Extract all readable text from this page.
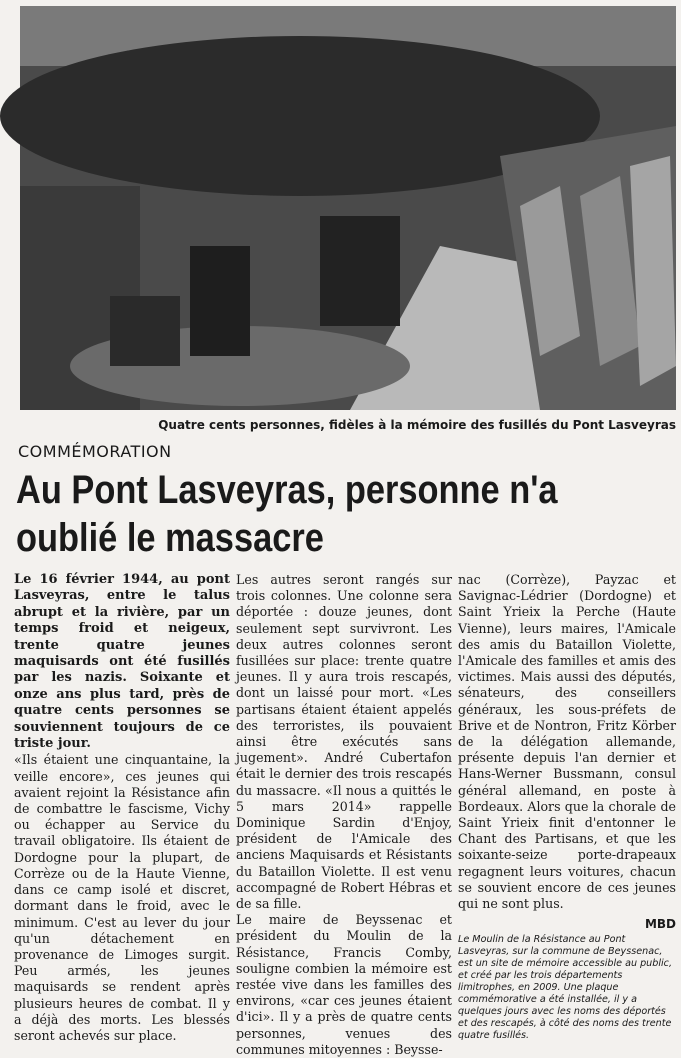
Quatre cents personnes, fidèles à la mémoire des fusillés du Pont Lasveyras
COMMÉMORATION
Au Pont Lasveyras, personne n'a oublié le massacre

Le 16 février 1944, au pont Lasveyras, entre le talus abrupt et la rivière, par un temps froid et neigeux, trente quatre jeunes maquisards ont été fusillés par les nazis. Soixante et onze ans plus tard, près de quatre cents personnes se souviennent toujours de ce triste jour.

«Ils étaient une cinquantaine, la veille encore», ces jeunes qui avaient rejoint la Résistance afin de combattre le fascisme, Vichy ou échapper au Service du travail obligatoire. Ils étaient de Dordogne pour la plupart, de Corrèze ou de la Haute Vienne, dans ce camp isolé et discret, dormant dans le froid, avec le minimum. C'est au lever du jour qu'un détachement en provenance de Limoges surgit. Peu armés, les jeunes maquisards se rendent après plusieurs heures de combat. Il y a déjà des morts. Les blessés seront achevés sur place.

Les autres seront rangés sur trois colonnes. Une colonne sera déportée : douze jeunes, dont seulement sept survivront. Les deux autres colonnes seront fusillées sur place: trente quatre jeunes. Il y aura trois rescapés, dont un laissé pour mort. «Les partisans étaient étaient appelés des terroristes, ils pouvaient ainsi être exécutés sans jugement». André Cubertafon était le dernier des trois rescapés du massacre. «Il nous a quittés le 5 mars 2014» rappelle Dominique Sardin d'Enjoy, président de l'Amicale des anciens Maquisards et Résistants du Bataillon Violette. Il est venu accompagné de Robert Hébras et de sa fille.

Le maire de Beyssenac et président du Moulin de la Résistance, Francis Comby, souligne combien la mémoire est restée vive dans les familles des environs, «car ces jeunes étaient d'ici». Il y a près de quatre cents personnes, venues des communes mitoyennes : Beysse-

nac (Corrèze), Payzac et Savignac-Lédrier (Dordogne) et Saint Yrieix la Perche (Haute Vienne), leurs maires, l'Amicale des amis du Bataillon Violette, l'Amicale des familles et amis des victimes. Mais aussi des députés, sénateurs, des conseillers généraux, les sous-préfets de Brive et de Nontron, Fritz Körber de la délégation allemande, présente depuis l'an dernier et Hans-Werner Bussmann, consul général allemand, en poste à Bordeaux. Alors que la chorale de Saint Yrieix finit d'entonner le Chant des Partisans, et que les soixante-seize porte-drapeaux regagnent leurs voitures, chacun se souvient encore de ces jeunes qui ne sont plus.

MBD

Le Moulin de la Résistance au Pont Lasveyras, sur la commune de Beyssenac, est un site de mémoire accessible au public, et créé par les trois départements limitrophes, en 2009. Une plaque commémorative a été installée, il y a quelques jours avec les noms des déportés et des rescapés, à côté des noms des trente quatre fusillés.
